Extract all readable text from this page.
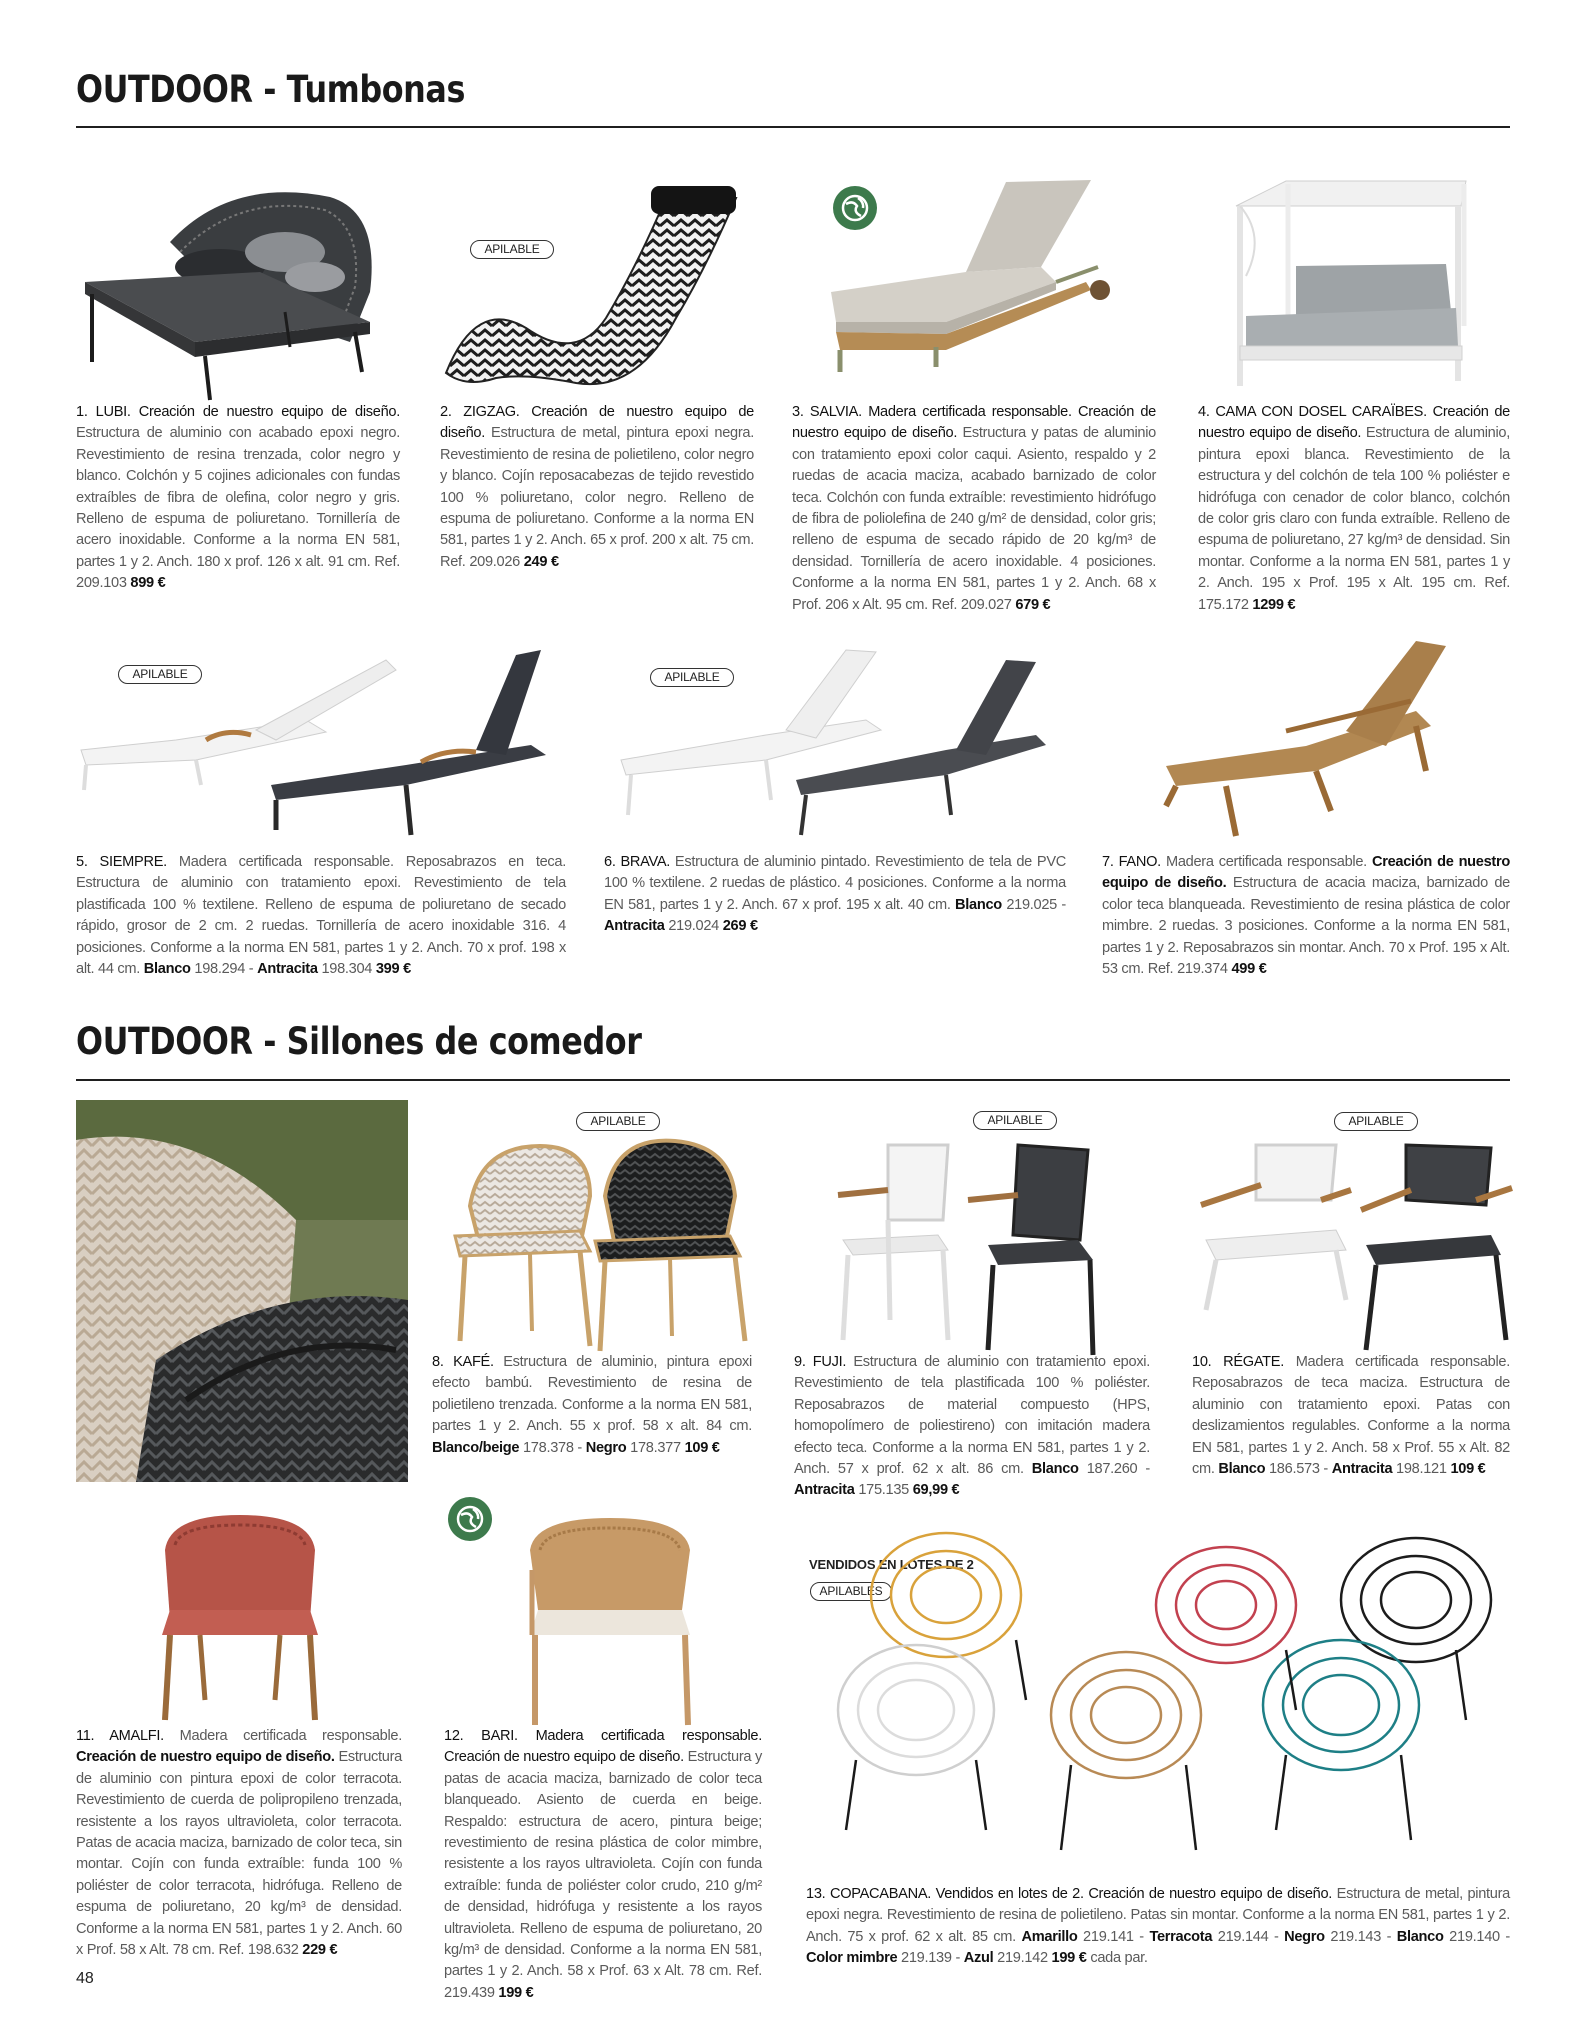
OUTDOOR - Tumbonas
APILABLE
1. LUBI. Creación de nuestro equipo de diseño. Estructura de aluminio con acabado epoxi negro. Revestimiento de resina trenzada, color negro y blanco. Colchón y 5 cojines adicionales con fundas extraíbles de fibra de olefina, color negro y gris. Relleno de espuma de poliuretano. Tornillería de acero inoxidable. Conforme a la norma EN 581, partes 1 y 2. Anch. 180 x prof. 126 x alt. 91 cm. Ref. 209.103 899 €
2. ZIGZAG. Creación de nuestro equipo de diseño. Estructura de metal, pintura epoxi negra. Revestimiento de resina de polietileno, color negro y blanco. Cojín reposacabezas de tejido revestido 100 % poliuretano, color negro. Relleno de espuma de poliuretano. Conforme a la norma EN 581, partes 1 y 2. Anch. 65 x prof. 200 x alt. 75 cm. Ref. 209.026 249 €
3. SALVIA. Madera certificada responsable. Creación de nuestro equipo de diseño. Estructura y patas de aluminio con tratamiento epoxi color caqui. Asiento, respaldo y 2 ruedas de acacia maciza, acabado barnizado de color teca. Colchón con funda extraíble: revestimiento hidrófugo de fibra de poliolefina de 240 g/m² de densidad, color gris; relleno de espuma de secado rápido de 20 kg/m³ de densidad. Tornillería de acero inoxidable. 4 posiciones. Conforme a la norma EN 581, partes 1 y 2. Anch. 68 x Prof. 206 x Alt. 95 cm. Ref. 209.027 679 €
4. CAMA CON DOSEL CARAÏBES. Creación de nuestro equipo de diseño. Estructura de aluminio, pintura epoxi blanca. Revestimiento de la estructura y del colchón de tela 100 % poliéster e hidrófuga con cenador de color blanco, colchón de color gris claro con funda extraíble. Relleno de espuma de poliuretano, 27 kg/m³ de densidad. Sin montar. Conforme a la norma EN 581, partes 1 y 2. Anch. 195 x Prof. 195 x Alt. 195 cm. Ref. 175.172 1299 €
APILABLE	APILABLE
5. SIEMPRE. Madera certificada responsable. Reposabrazos en teca. Estructura de aluminio con tratamiento epoxi. Revestimiento de tela plastificada 100 % textilene. Relleno de espuma de poliuretano de secado rápido, grosor de 2 cm. 2 ruedas. Tornillería de acero inoxidable 316. 4 posiciones. Conforme a la norma EN 581, partes 1 y 2. Anch. 70 x prof. 198 x alt. 44 cm. Blanco 198.294 - Antracita 198.304 399 €
6. BRAVA. Estructura de aluminio pintado. Revestimiento de tela de PVC 100 % textilene. 2 ruedas de plástico. 4 posiciones. Conforme a la norma EN 581, partes 1 y 2. Anch. 67 x prof. 195 x alt. 40 cm. Blanco 219.025 - Antracita 219.024 269 €
7. FANO. Madera certificada responsable. Creación de nuestro equipo de diseño. Estructura de acacia maciza, barnizado de color teca blanqueada. Revestimiento de resina plástica de color mimbre. 2 ruedas. 3 posiciones. Conforme a la norma EN 581, partes 1 y 2. Reposabrazos sin montar. Anch. 70 x Prof. 195 x Alt. 53 cm. Ref. 219.374 499 €
OUTDOOR - Sillones de comedor
APILABLE	APILABLE	APILABLE
8. KAFÉ. Estructura de aluminio, pintura epoxi efecto bambú. Revestimiento de resina de polietileno trenzada. Conforme a la norma EN 581, partes 1 y 2. Anch. 55 x prof. 58 x alt. 84 cm. Blanco/beige 178.378 - Negro 178.377 109 €
9. FUJI. Estructura de aluminio con tratamiento epoxi. Revestimiento de tela plastificada 100 % poliéster. Reposabrazos de material compuesto (HPS, homopolímero de poliestireno) con imitación madera efecto teca. Conforme a la norma EN 581, partes 1 y 2. Anch. 57 x prof. 62 x alt. 86 cm. Blanco 187.260 - Antracita 175.135 69,99 €
10. RÉGATE. Madera certificada responsable. Reposabrazos de teca maciza. Estructura de aluminio con tratamiento epoxi. Patas con deslizamientos regulables. Conforme a la norma EN 581, partes 1 y 2. Anch. 58 x Prof. 55 x Alt. 82 cm. Blanco 186.573 - Antracita 198.121 109 €
VENDIDOS EN LOTES DE 2
APILABLES
11. AMALFI. Madera certificada responsable. Creación de nuestro equipo de diseño. Estructura de aluminio con pintura epoxi de color terracota. Revestimiento de cuerda de polipropileno trenzada, resistente a los rayos ultravioleta, color terracota. Patas de acacia maciza, barnizado de color teca, sin montar. Cojín con funda extraíble: funda 100 % poliéster de color terracota, hidrófuga. Relleno de espuma de poliuretano, 20 kg/m³ de densidad. Conforme a la norma EN 581, partes 1 y 2. Anch. 60 x Prof. 58 x Alt. 78 cm. Ref. 198.632 229 €
12. BARI. Madera certificada responsable. Creación de nuestro equipo de diseño. Estructura y patas de acacia maciza, barnizado de color teca blanqueado. Asiento de cuerda en beige. Respaldo: estructura de acero, pintura beige; revestimiento de resina plástica de color mimbre, resistente a los rayos ultravioleta. Cojín con funda extraíble: funda de poliéster color crudo, 210 g/m² de densidad, hidrófuga y resistente a los rayos ultravioleta. Relleno de espuma de poliuretano, 20 kg/m³ de densidad. Conforme a la norma EN 581, partes 1 y 2. Anch. 58 x Prof. 63 x Alt. 78 cm. Ref. 219.439 199 €
13. COPACABANA. Vendidos en lotes de 2. Creación de nuestro equipo de diseño. Estructura de metal, pintura epoxi negra. Revestimiento de resina de polietileno. Patas sin montar. Conforme a la norma EN 581, partes 1 y 2. Anch. 75 x prof. 62 x alt. 85 cm. Amarillo 219.141 - Terracota 219.144 - Negro 219.143 - Blanco 219.140 - Color mimbre 219.139 - Azul 219.142 199 € cada par.
48
